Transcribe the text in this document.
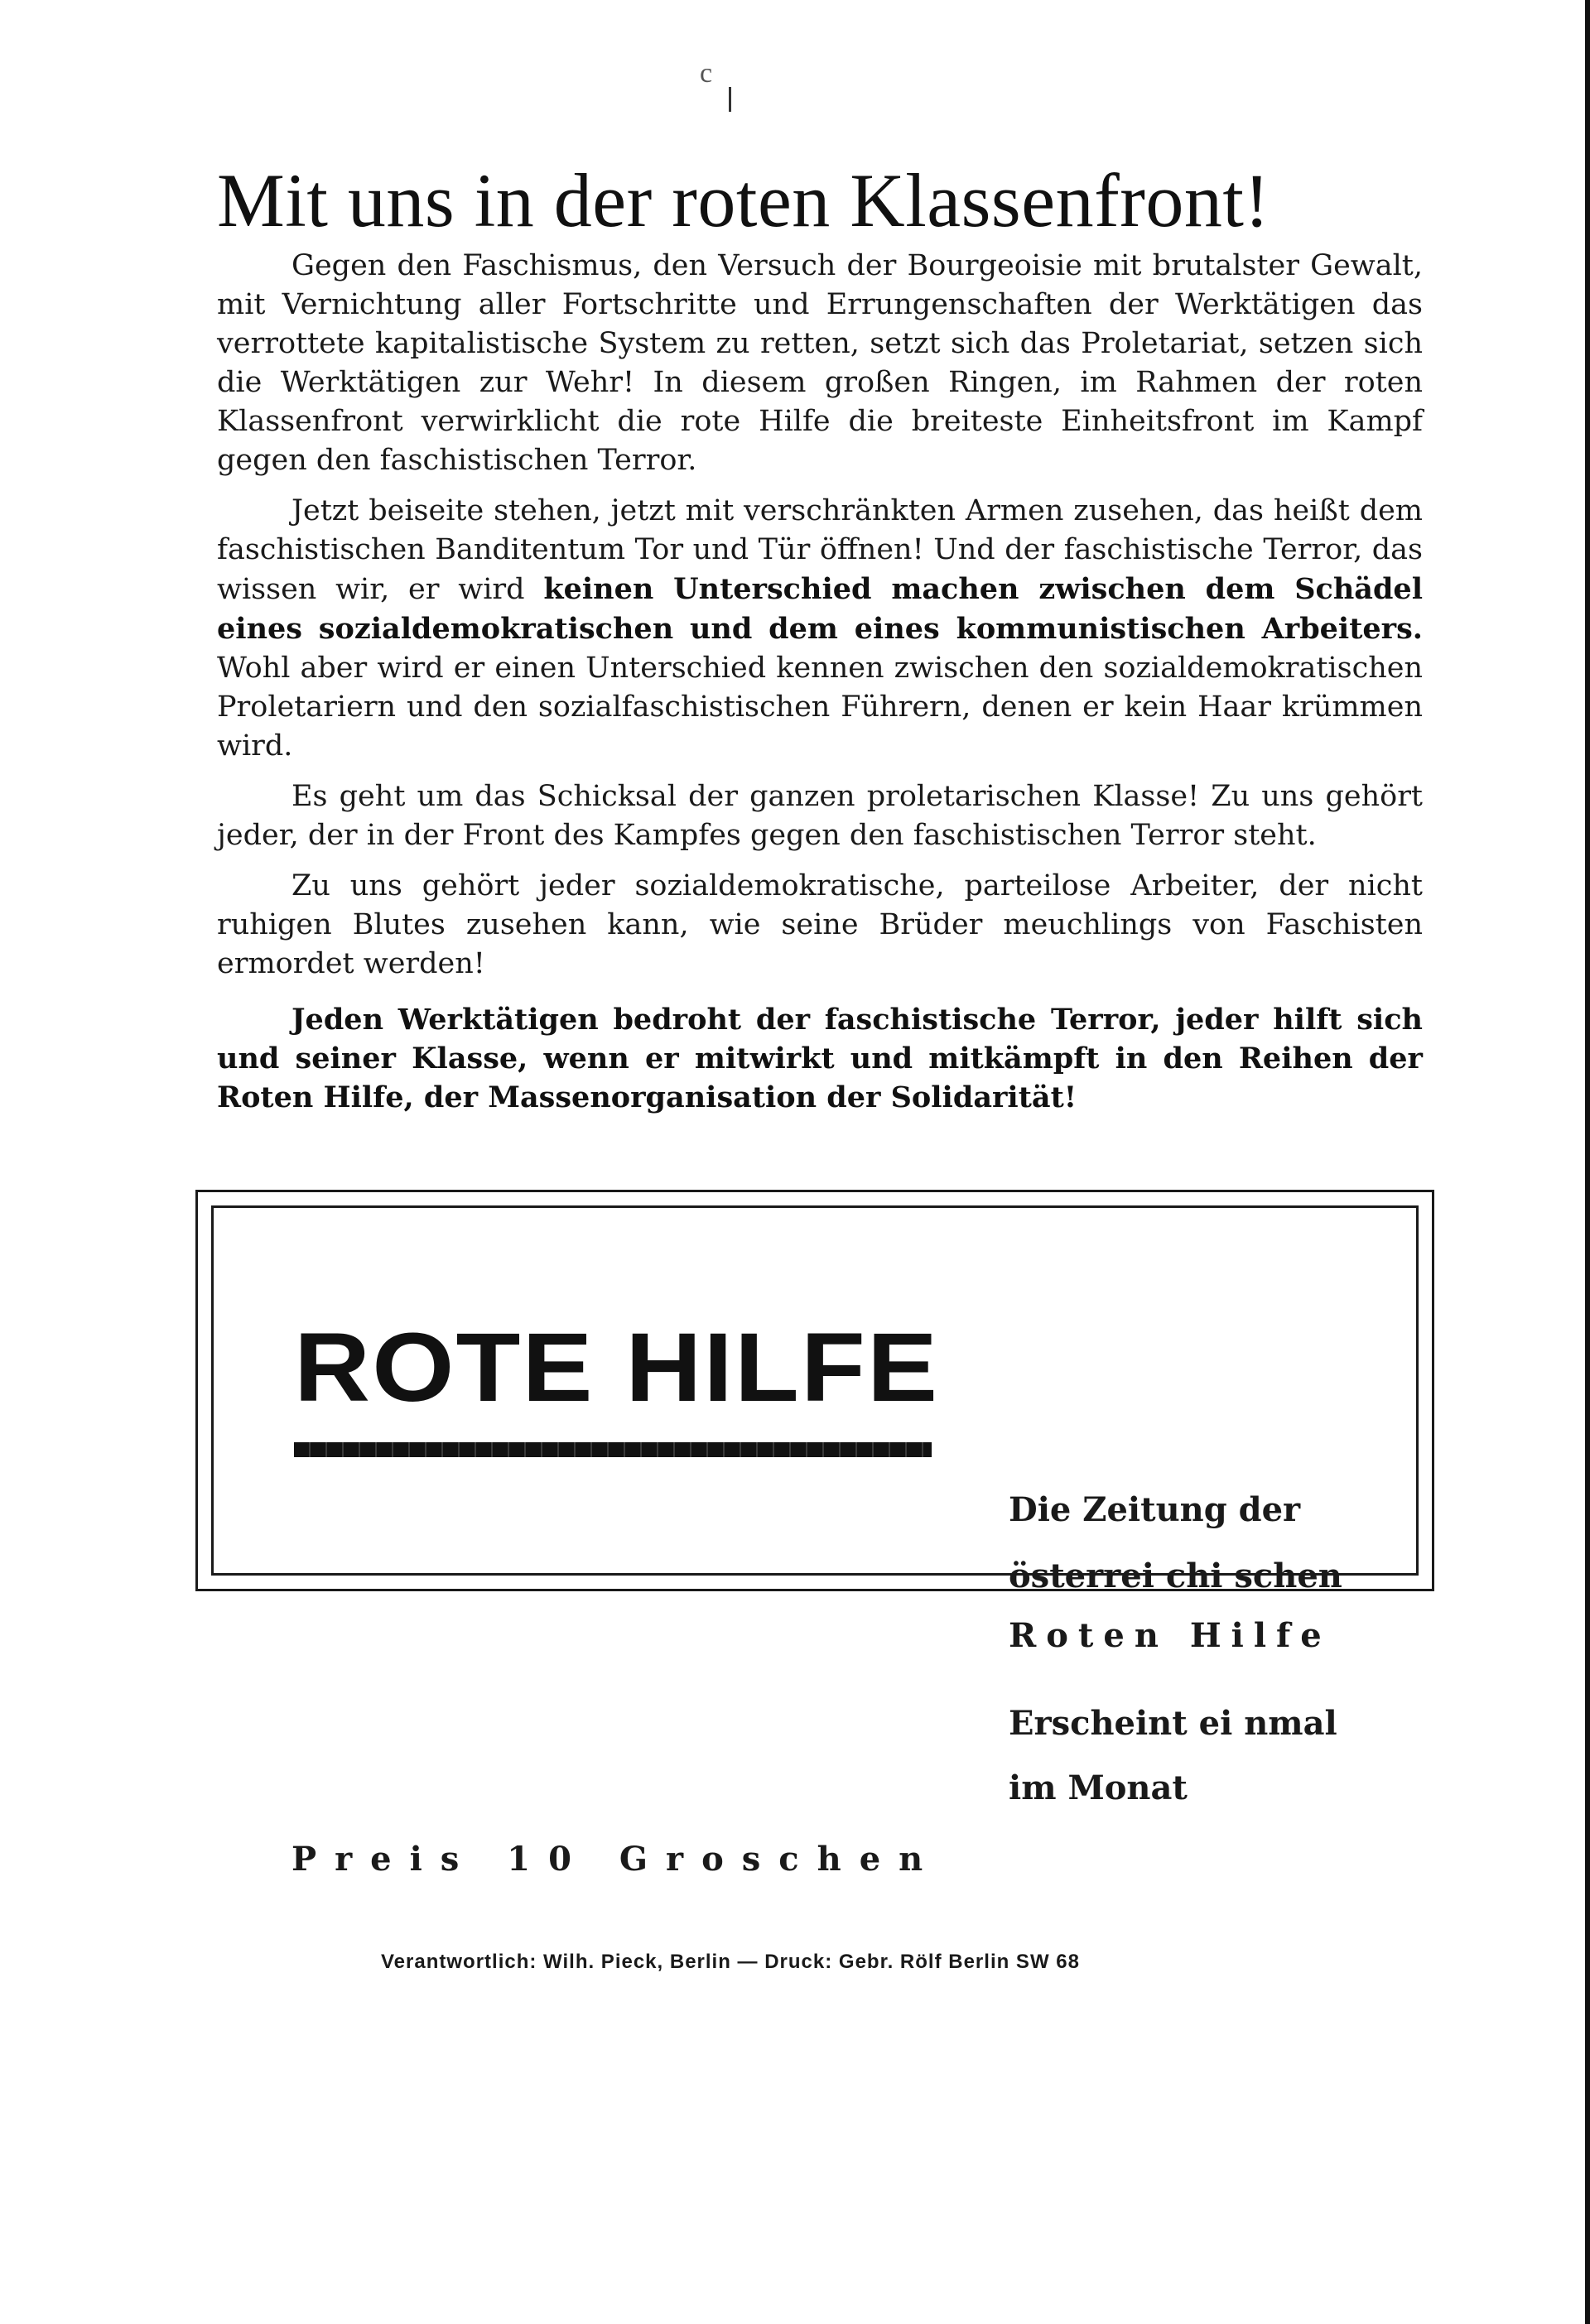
c
Mit uns in der roten Klassenfront!

Gegen den Faschismus, den Versuch der Bourgeoisie mit brutalster Gewalt, mit Vernichtung aller Fortschritte und Errungenschaften der Werktätigen das verrottete kapitalistische System zu retten, setzt sich das Proletariat, setzen sich die Werktätigen zur Wehr! In diesem großen Ringen, im Rahmen der roten Klassenfront verwirklicht die rote Hilfe die breiteste Einheitsfront im Kampf gegen den faschistischen Terror.

Jetzt beiseite stehen, jetzt mit verschränkten Armen zusehen, das heißt dem faschistischen Banditentum Tor und Tür öffnen! Und der faschistische Terror, das wissen wir, er wird keinen Unterschied machen zwischen dem Schädel eines sozialdemokratischen und dem eines kommunistischen Arbeiters. Wohl aber wird er einen Unterschied kennen zwischen den sozialdemokratischen Proletariern und den sozialfaschistischen Führern, denen er kein Haar krümmen wird.

Es geht um das Schicksal der ganzen proletarischen Klasse! Zu uns gehört jeder, der in der Front des Kampfes gegen den faschistischen Terror steht.

Zu uns gehört jeder sozialdemokratische, parteilose Arbeiter, der nicht ruhigen Blutes zusehen kann, wie seine Brüder meuchlings von Faschisten ermordet werden!

Jeden Werktätigen bedroht der faschistische Terror, jeder hilft sich und seiner Klasse, wenn er mitwirkt und mitkämpft in den Reihen der Roten Hilfe, der Massenorganisation der Solidarität!

ROTE HILFE
Die Zeitung der
österrei chi schen
Roten Hilfe
Erscheint ei nmal
im Monat
Preis 10 Groschen
Verantwortlich: Wilh. Pieck, Berlin — Druck: Gebr. Rölf Berlin SW 68
